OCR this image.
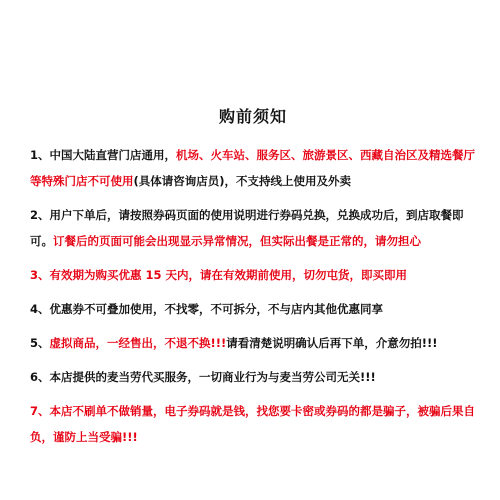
购前须知
1、中国大陆直营门店通用，机场、火车站、服务区、旅游景区、西藏自治区及精选餐厅等特殊门店不可使用(具体请咨询店员)，不支持线上使用及外卖
2、用户下单后，请按照券码页面的使用说明进行券码兑换，兑换成功后，到店取餐即可。订餐后的页面可能会出现显示异常情况，但实际出餐是正常的，请勿担心
3、有效期为购买优惠 15 天内，请在有效期前使用，切勿屯货，即买即用
4、优惠券不可叠加使用，不找零，不可拆分，不与店内其他优惠同享
5、虚拟商品，一经售出，不退不换!!!请看清楚说明确认后再下单，介意勿拍!!!
6、本店提供的麦当劳代买服务，一切商业行为与麦当劳公司无关!!!
7、本店不刷单不做销量，电子券码就是钱，找您要卡密或券码的都是骗子，被骗后果自负，谨防上当受骗!!!
